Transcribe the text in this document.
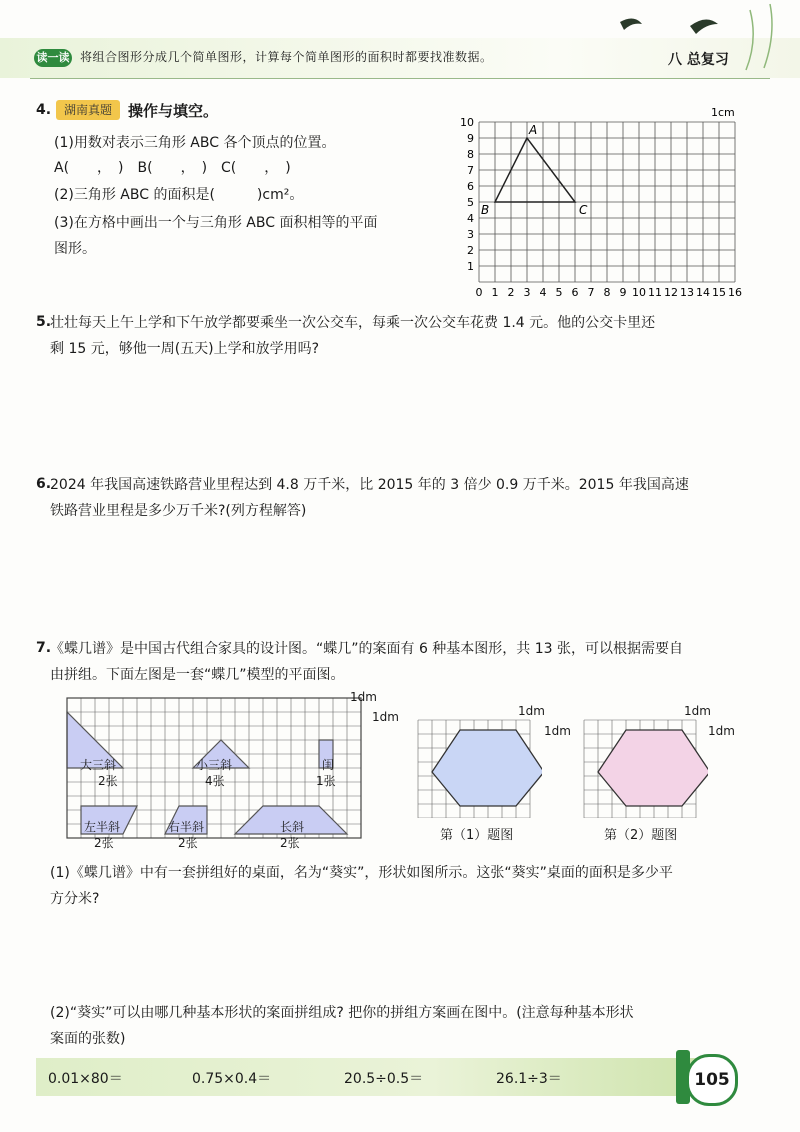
读一读 将组合图形分成几个简单图形，计算每个简单图形的面积时都要找准数据。	八 总复习
4.	湖南真题	操作与填空。
(1)用数对表示三角形 ABC 各个顶点的位置。
A(　　，　)　B(　　，　)　C(　　，　)
(2)三角形 ABC 的面积是(　　　)cm²。
(3)在方格中画出一个与三角形 ABC 面积相等的平面
图形。
0 1 2 3 4 5 6 7 8 9 10 11 12 13 14 15 16
1
2
3
4
5
6
7
8
9
10
A
B	C
1cm
5.
壮壮每天上午上学和下午放学都要乘坐一次公交车，每乘一次公交车花费 1.4 元。他的公交卡里还
剩 15 元，够他一周(五天)上学和放学用吗?
6.
2024 年我国高速铁路营业里程达到 4.8 万千米，比 2015 年的 3 倍少 0.9 万千米。2015 年我国高速
铁路营业里程是多少万千米?(列方程解答)
7.
《蝶几谱》是中国古代组合家具的设计图。“蝶几”的案面有 6 种基本图形，共 13 张，可以根据需要自
由拼组。下面左图是一套“蝶几”模型的平面图。
1dm
1dm
大三斜
2张
小三斜
4张
闺
1张
左半斜
2张
右半斜
2张
长斜
2张
1dm
1dm
第（1）题图
1dm
1dm
第（2）题图
(1)《蝶几谱》中有一套拼组好的桌面，名为“葵实”，形状如图所示。这张“葵实”桌面的面积是多少平
方分米?
(2)“葵实”可以由哪几种基本形状的案面拼组成? 把你的拼组方案画在图中。(注意每种基本形状
案面的张数)
0.01×80＝	0.75×0.4＝	20.5÷0.5＝	26.1÷3＝	105
